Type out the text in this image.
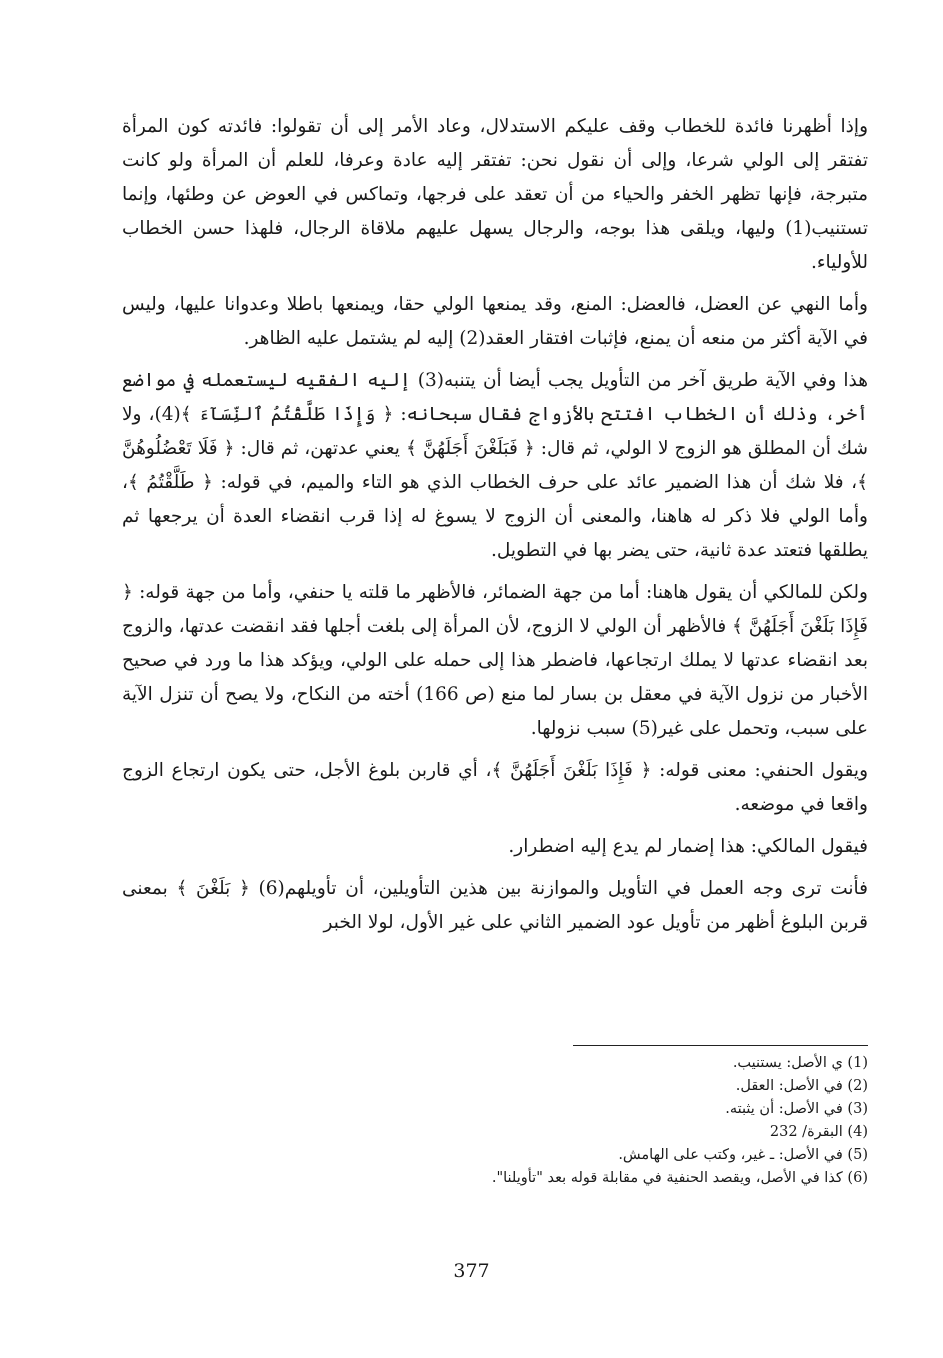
وإذا أظهرنا فائدة للخطاب وقف عليكم الاستدلال، وعاد الأمر إلى أن تقولوا: فائدته كون المرأة تفتقر إلى الولي شرعا، وإلى أن نقول نحن: تفتقر إليه عادة وعرفا، للعلم أن المرأة ولو كانت متبرجة، فإنها تظهر الخفر والحياء من أن تعقد على فرجها، وتماكس في العوض عن وطئها، وإنما تستنيب(1) وليها، ويلقى هذا بوجه، والرجال يسهل عليهم ملاقاة الرجال، فلهذا حسن الخطاب للأولياء.

وأما النهي عن العضل، فالعضل: المنع، وقد يمنعها الولي حقا، ويمنعها باطلا وعدوانا عليها، وليس في الآية أكثر من منعه أن يمنع، فإثبات افتقار العقد(2) إليه لم يشتمل عليه الظاهر.

هذا وفي الآية طريق آخر من التأويل يجب أيضا أن يتنبه(3) إليه الفقيه ليستعمله في مواضع أخر، وذلك أن الخطاب افتتح بالأزواج فقال سبحانه: ﴿ وَإِذَا طَلَّقْتُمُ ٱلنِّسَآءَ ﴾(4)، ولا شك أن المطلق هو الزوج لا الولي، ثم قال: ﴿ فَبَلَغْنَ أَجَلَهُنَّ ﴾ يعني عدتهن، ثم قال: ﴿ فَلَا تَعْضُلُوهُنَّ ﴾، فلا شك أن هذا الضمير عائد على حرف الخطاب الذي هو التاء والميم، في قوله: ﴿ طَلَّقْتُمُ ﴾، وأما الولي فلا ذكر له هاهنا، والمعنى أن الزوج لا يسوغ له إذا قرب انقضاء العدة أن يرجعها ثم يطلقها فتعتد عدة ثانية، حتى يضر بها في التطويل.

ولكن للمالكي أن يقول هاهنا: أما من جهة الضمائر، فالأظهر ما قلته يا حنفي، وأما من جهة قوله: ﴿ فَإِذَا بَلَغْنَ أَجَلَهُنَّ ﴾ فالأظهر أن الولي لا الزوج، لأن المرأة إلى بلغت أجلها فقد انقضت عدتها، والزوج بعد انقضاء عدتها لا يملك ارتجاعها، فاضطر هذا إلى حمله على الولي، ويؤكد هذا ما ورد في صحيح الأخبار من نزول الآية في معقل بن بسار لما منع (ص 166) أخته من النكاح، ولا يصح أن تنزل الآية على سبب، وتحمل على غير(5) سبب نزولها.

ويقول الحنفي: معنى قوله: ﴿ فَإِذَا بَلَغْنَ أَجَلَهُنَّ ﴾، أي قاربن بلوغ الأجل، حتى يكون ارتجاع الزوج واقعا في موضعه.

فيقول المالكي: هذا إضمار لم يدع إليه اضطرار.

فأنت ترى وجه العمل في التأويل والموازنة بين هذين التأويلين، أن تأويلهم(6) ﴿ بَلَغْنَ ﴾ بمعنى قربن البلوغ أظهر من تأويل عود الضمير الثاني على غير الأول، لولا الخبر

(1) ي الأصل: يستنيب.

(2) في الأصل: العقل.

(3) في الأصل: أن يثبته.

(4) البقرة/ 232

(5) في الأصل: ـ غير، وكتب على الهامش.

(6) كذا في الأصل، ويقصد الحنفية في مقابلة قوله بعد "تأويلنا".

377
